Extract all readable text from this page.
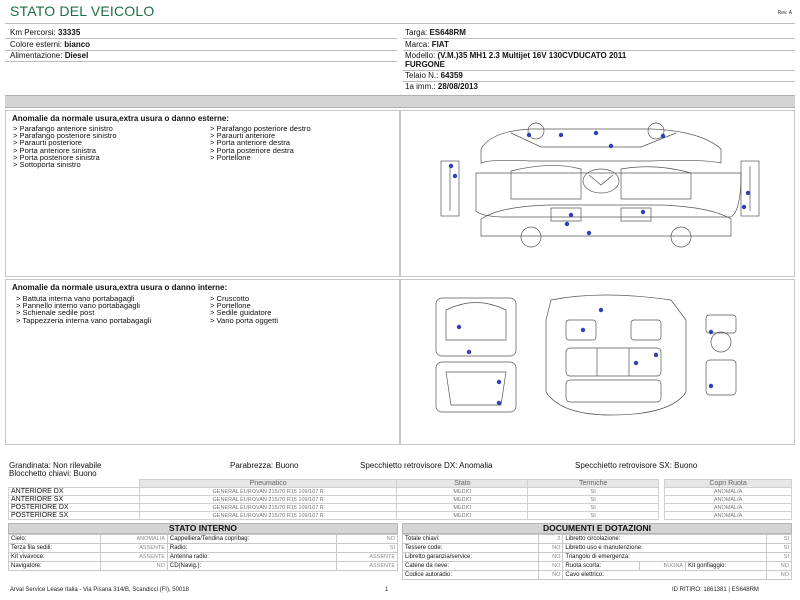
STATO DEL VEICOLO	Rev. A
Km Percorsi: 33335
Colore esterni: bianco
Alimentazione: Diesel
Targa: ES648RM
Marca: FIAT
Modello: (V.M.)35 MH1 2.3 Multijet 16V 130CVDUCATO 2011
FURGONE
Telaio N.: 64359
1a imm.: 28/08/2013
Anomalie da normale usura,extra usura o danno esterne:
> Parafango anteriore sinistro
> Parafango posteriore sinistro
> Paraurti posteriore
> Porta anteriore sinistra
> Porta posteriore sinistra
> Sottoporta sinistro
> Parafango posteriore destro
> Paraurti anteriore
> Porta anteriore destra
> Porta posteriore destra
> Portellone
Anomalie da normale usura,extra usura o danno interne:
> Battuta interna vano portabagagli
> Pannello interno vano portabagagli
> Schienale sedile post
> Tappezzeria interna vano portabagagli
> Cruscotto
> Portellone
> Sedile guidatore
> Vano porta oggetti
Grandinata: Non rilevabile	Parabrezza: Buono	Specchietto retrovisore DX: Anomalia	Specchietto retrovisore SX: Buono
Blocchetto chiavi: Buono
	Pneumatico	Stato	Termiche		Copri Ruota
ANTERIORE DX	GENERAL EUROVAN 215/70 R15 109/107 R	MEDIO	SI		ANOMALIA
ANTERIORE SX	GENERAL EUROVAN 215/70 R15 109/107 R	MEDIO	SI		ANOMALIA
POSTERIORE DX	GENERAL EUROVAN 215/70 R15 109/107 R	MEDIO	SI		ANOMALIA
POSTERIORE SX	GENERAL EUROVAN 215/70 R15 109/107 R	MEDIO	SI		ANOMALIA
STATO INTERNO
Cielo:	ANOMALIA	Cappelliera/Tendina copribag:	NO
Terza fila sedili:	ASSENTE	Radio:	SI
Kit vivavoce:	ASSENTE	Antenna radio:	ASSENTE
Navigatore:	NO	CD(Navig.):	ASSENTE
DOCUMENTI E DOTAZIONI
Totale chiavi:	2	Libretto circolazione:			SI
Tessere code:	NO	Libretto uso e manutenzione:			SI
Libretto garanzia/service:	NO	Triangolo di emergenza:			SI
Catene da neve:	NO	Ruota scorta:	BUONA	Kit gonfiaggio:	NO
Codice autoradio:	NO	Cavo elettrico:			NO
Arval Service Lease Italia - Via Pisana 314/B, Scandicci (FI), 50018	1	ID RITIRO: 1861381 | ES648RM
